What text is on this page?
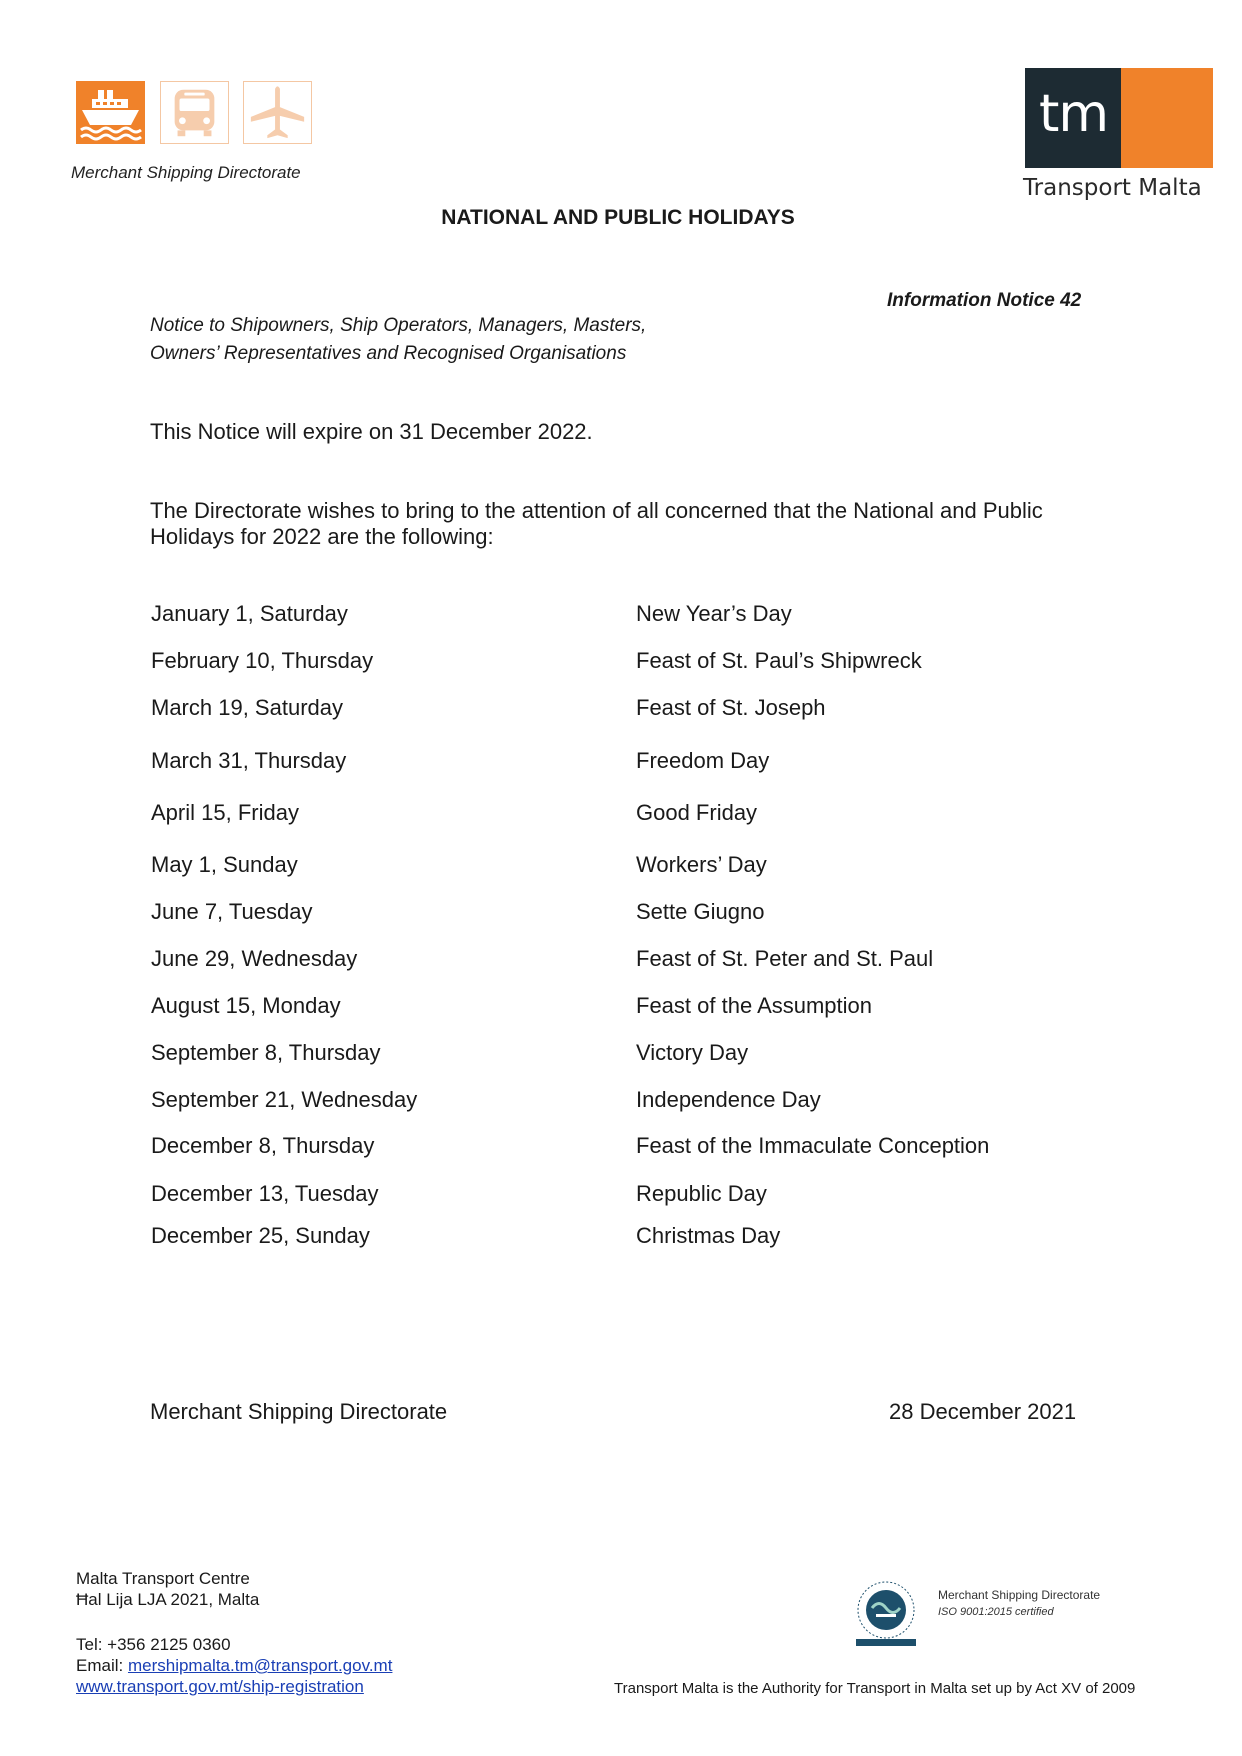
Merchant Shipping Directorate
tm
Transport Malta
NATIONAL AND PUBLIC HOLIDAYS
Information Notice 42
Notice to Shipowners, Ship Operators, Managers, Masters,
Owners’ Representatives and Recognised Organisations
This Notice will expire on 31 December 2022.
The Directorate wishes to bring to the attention of all concerned that the National and Public Holidays for 2022 are the following:
January 1, Saturday	New Year’s Day
February 10, Thursday	Feast of St. Paul’s Shipwreck
March 19, Saturday	Feast of St. Joseph
March 31, Thursday	Freedom Day
April 15, Friday	Good Friday
May 1, Sunday	Workers’ Day
June 7, Tuesday	Sette Giugno
June 29, Wednesday	Feast of St. Peter and St. Paul
August 15, Monday	Feast of the Assumption
September 8, Thursday	Victory Day
September 21, Wednesday	Independence Day
December 8, Thursday	Feast of the Immaculate Conception
December 13, Tuesday	Republic Day
December 25, Sunday	Christmas Day
Merchant Shipping Directorate	28 December 2021
Malta Transport Centre
Ħal Lija LJA 2021, Malta
Tel: +356 2125 0360
Email: mershipmalta.tm@transport.gov.mt
www.transport.gov.mt/ship-registration
Merchant Shipping Directorate
ISO 9001:2015 certified
Transport Malta is the Authority for Transport in Malta set up by Act XV of 2009
